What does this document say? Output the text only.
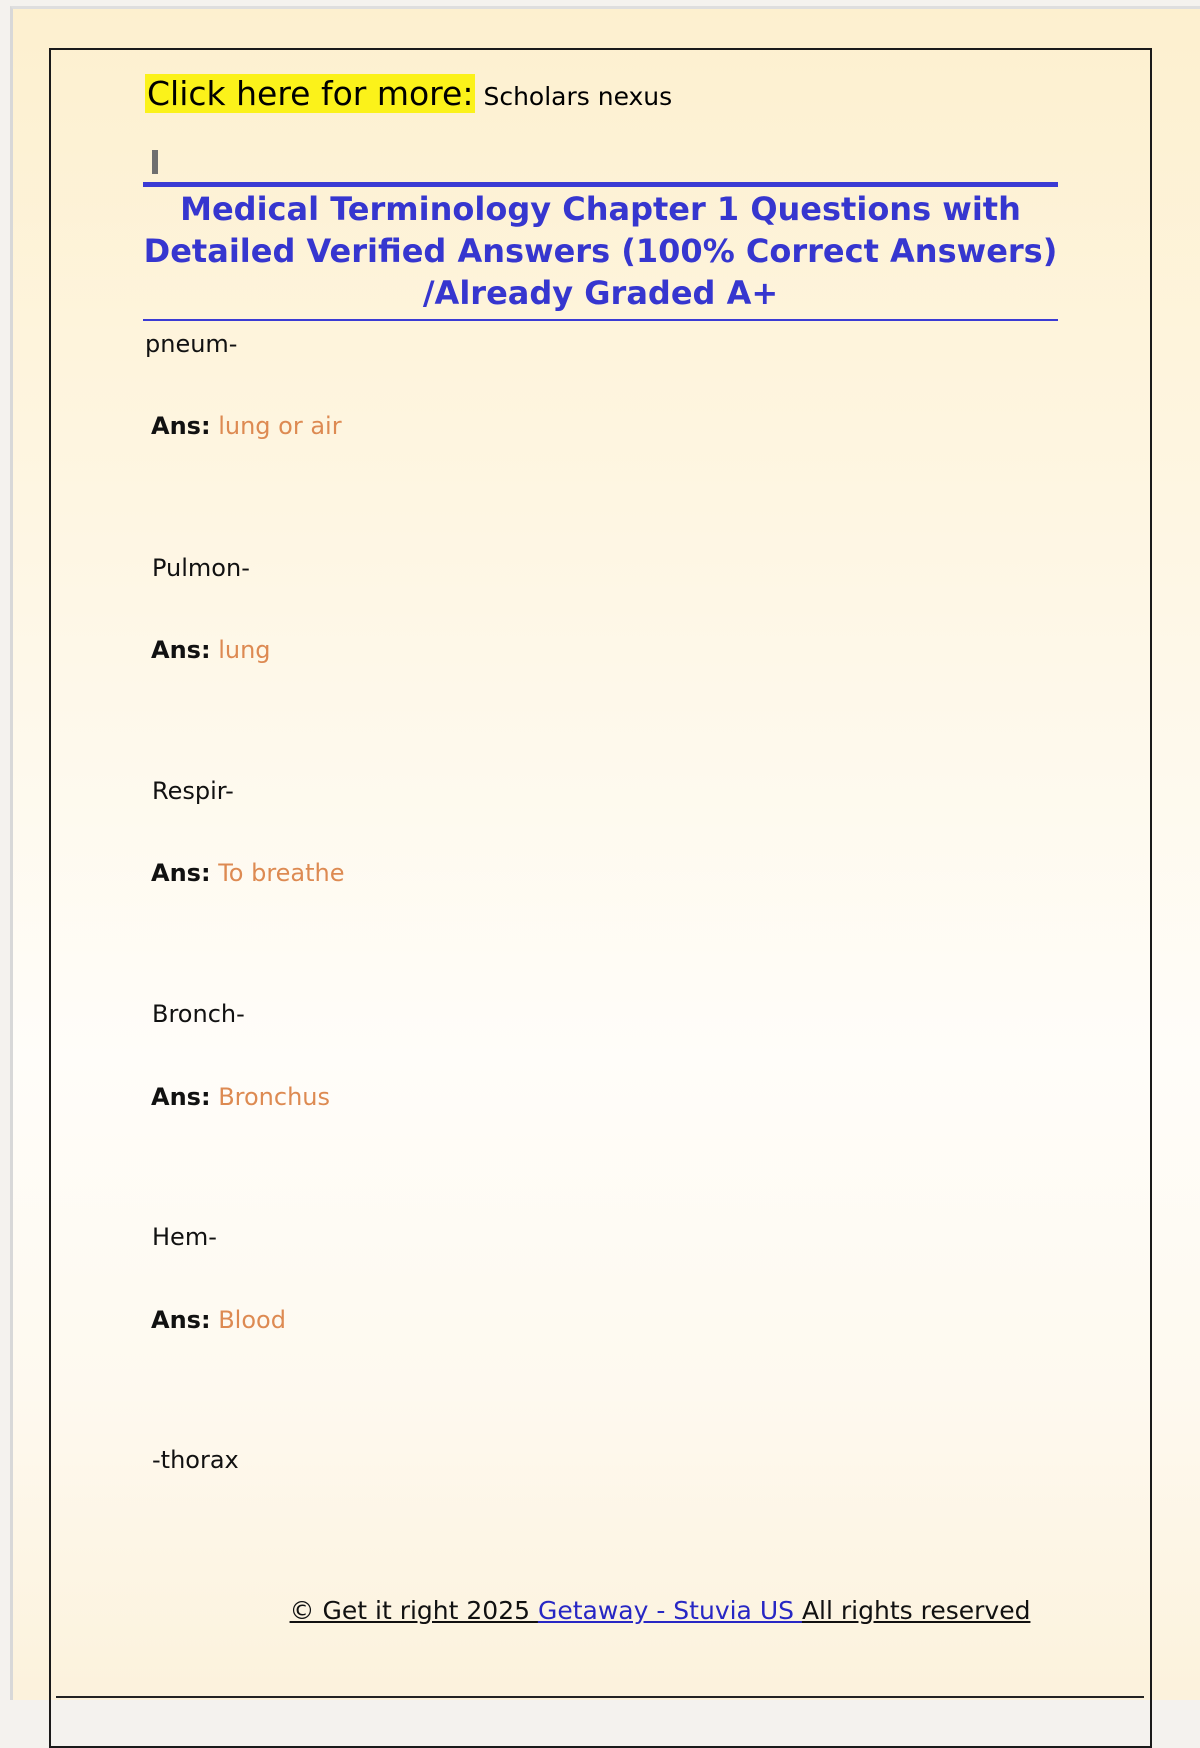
Click here for more: Scholars nexus
Medical Terminology Chapter 1 Questions with Detailed Verified Answers (100% Correct Answers) /Already Graded A+
pneum-
Ans: lung or air
Pulmon-
Ans: lung
Respir-
Ans: To breathe
Bronch-
Ans: Bronchus
Hem-
Ans: Blood
-thorax
© Get it right 2025 Getaway - Stuvia US All rights reserved
